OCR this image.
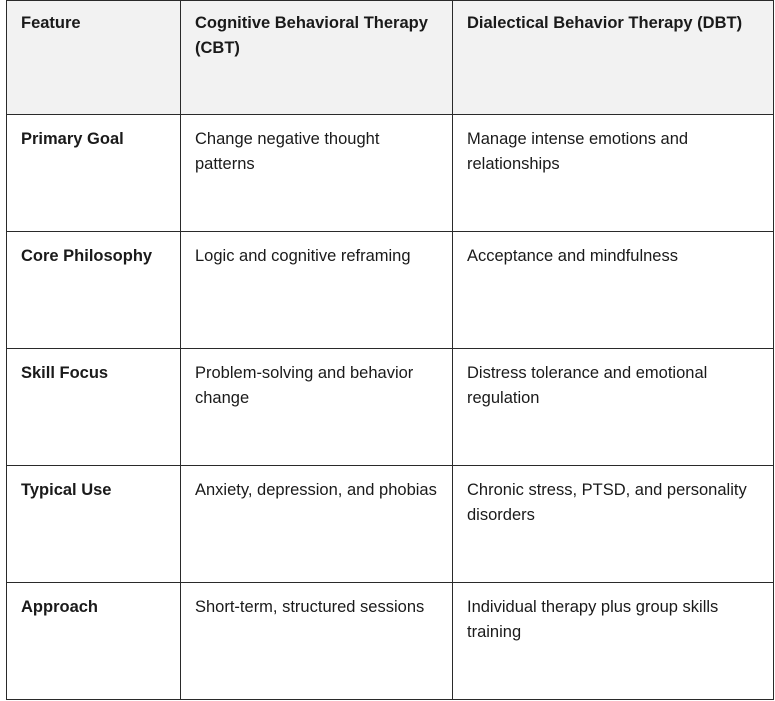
Feature	Cognitive Behavioral Therapy (CBT)	Dialectical Behavior Therapy (DBT)
Primary Goal	Change negative thought patterns	Manage intense emotions and relationships
Core Philosophy	Logic and cognitive reframing	Acceptance and mindfulness
Skill Focus	Problem-solving and behavior change	Distress tolerance and emotional regulation
Typical Use	Anxiety, depression, and phobias	Chronic stress, PTSD, and personality disorders
Approach	Short-term, structured sessions	Individual therapy plus group skills training
